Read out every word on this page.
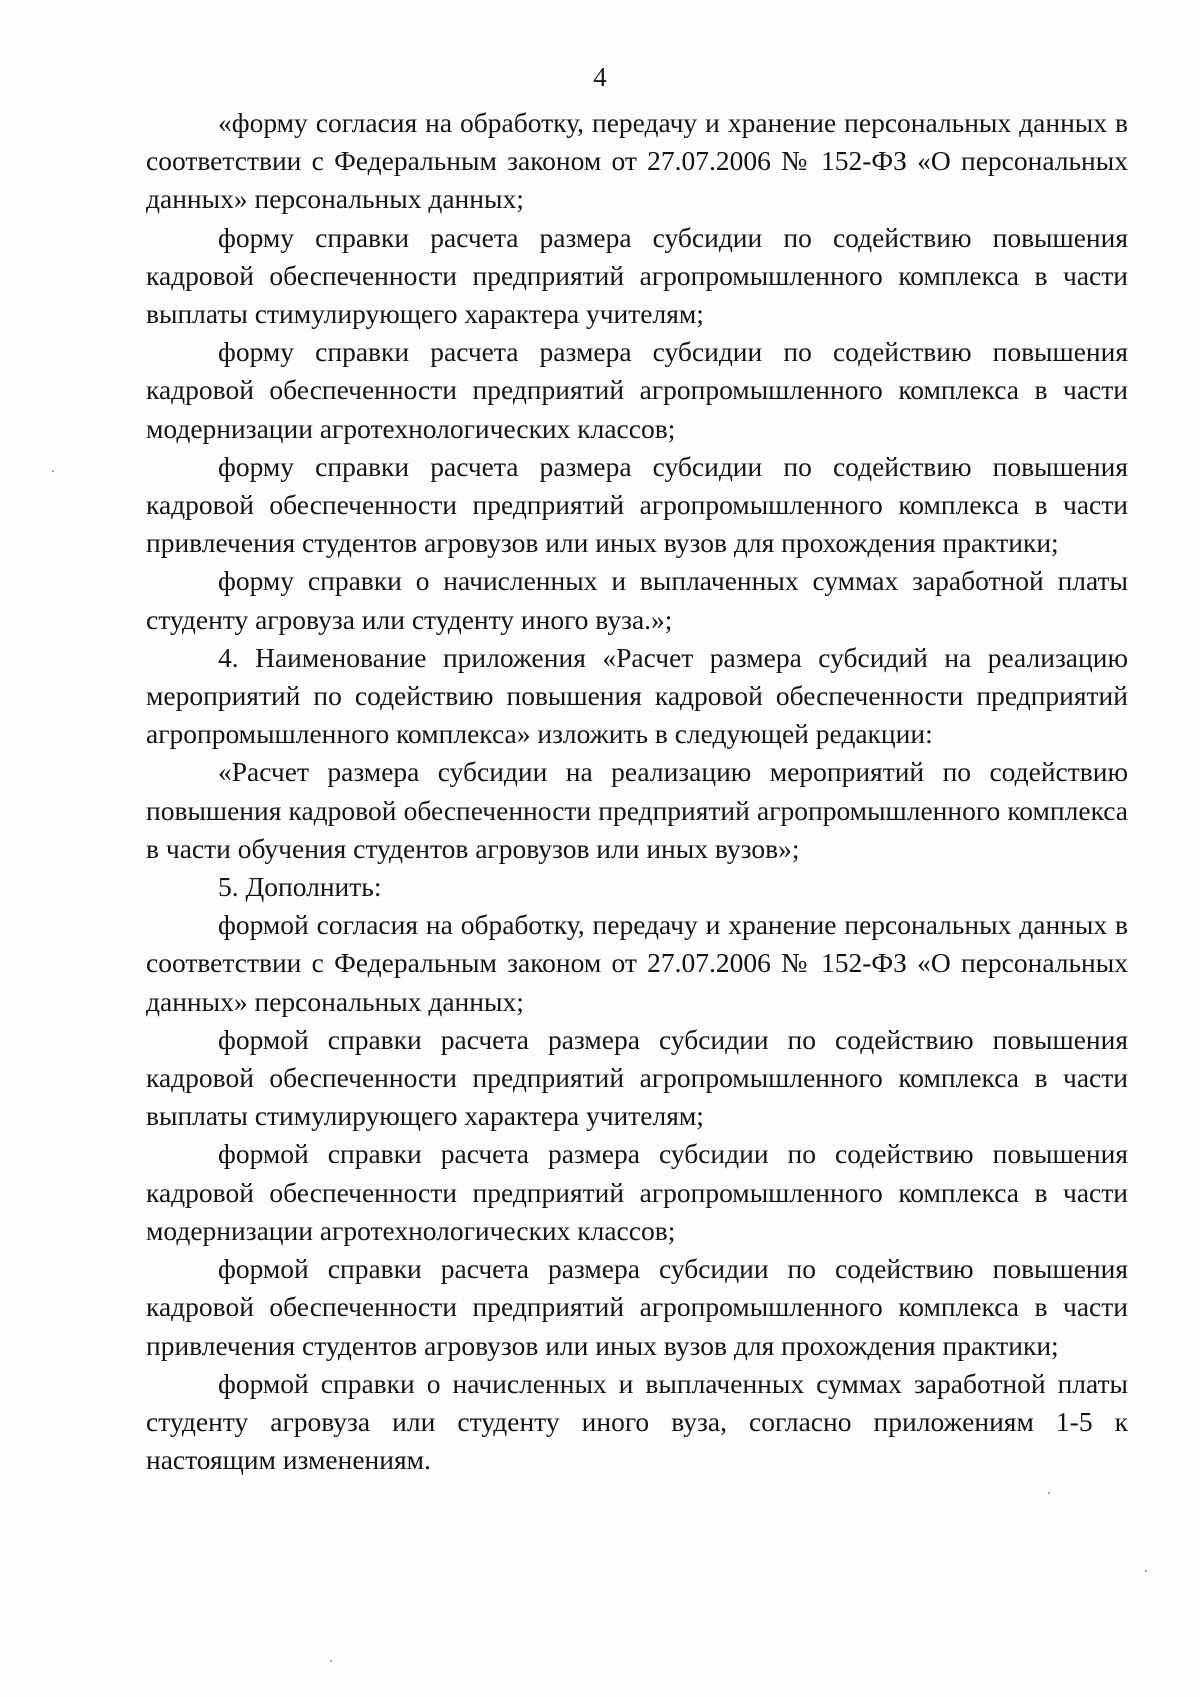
4

«форму согласия на обработку, передачу и хранение персональных данных в соответствии с Федеральным законом от 27.07.2006 № 152-ФЗ «О персональных данных» персональных данных;

форму справки расчета размера субсидии по содействию повышения кадровой обеспеченности предприятий агропромышленного комплекса в части выплаты стимулирующего характера учителям;

форму справки расчета размера субсидии по содействию повышения кадровой обеспеченности предприятий агропромышленного комплекса в части модернизации агротехнологических классов;

форму справки расчета размера субсидии по содействию повышения кадровой обеспеченности предприятий агропромышленного комплекса в части привлечения студентов агровузов или иных вузов для прохождения практики;

форму справки о начисленных и выплаченных суммах заработной платы студенту агровуза или студенту иного вуза.»;

4. Наименование приложения «Расчет размера субсидий на реализацию мероприятий по содействию повышения кадровой обеспеченности предприятий агропромышленного комплекса» изложить в следующей редакции:

«Расчет размера субсидии на реализацию мероприятий по содействию повышения кадровой обеспеченности предприятий агропромышленного комплекса в части обучения студентов агровузов или иных вузов»;

5. Дополнить:

формой согласия на обработку, передачу и хранение персональных данных в соответствии с Федеральным законом от 27.07.2006 № 152-ФЗ «О персональных данных» персональных данных;

формой справки расчета размера субсидии по содействию повышения кадровой обеспеченности предприятий агропромышленного комплекса в части выплаты стимулирующего характера учителям;

формой справки расчета размера субсидии по содействию повышения кадровой обеспеченности предприятий агропромышленного комплекса в части модернизации агротехнологических классов;

формой справки расчета размера субсидии по содействию повышения кадровой обеспеченности предприятий агропромышленного комплекса в части привлечения студентов агровузов или иных вузов для прохождения практики;

формой справки о начисленных и выплаченных суммах заработной платы студенту агровуза или студенту иного вуза, согласно приложениям 1-5 к настоящим изменениям.
